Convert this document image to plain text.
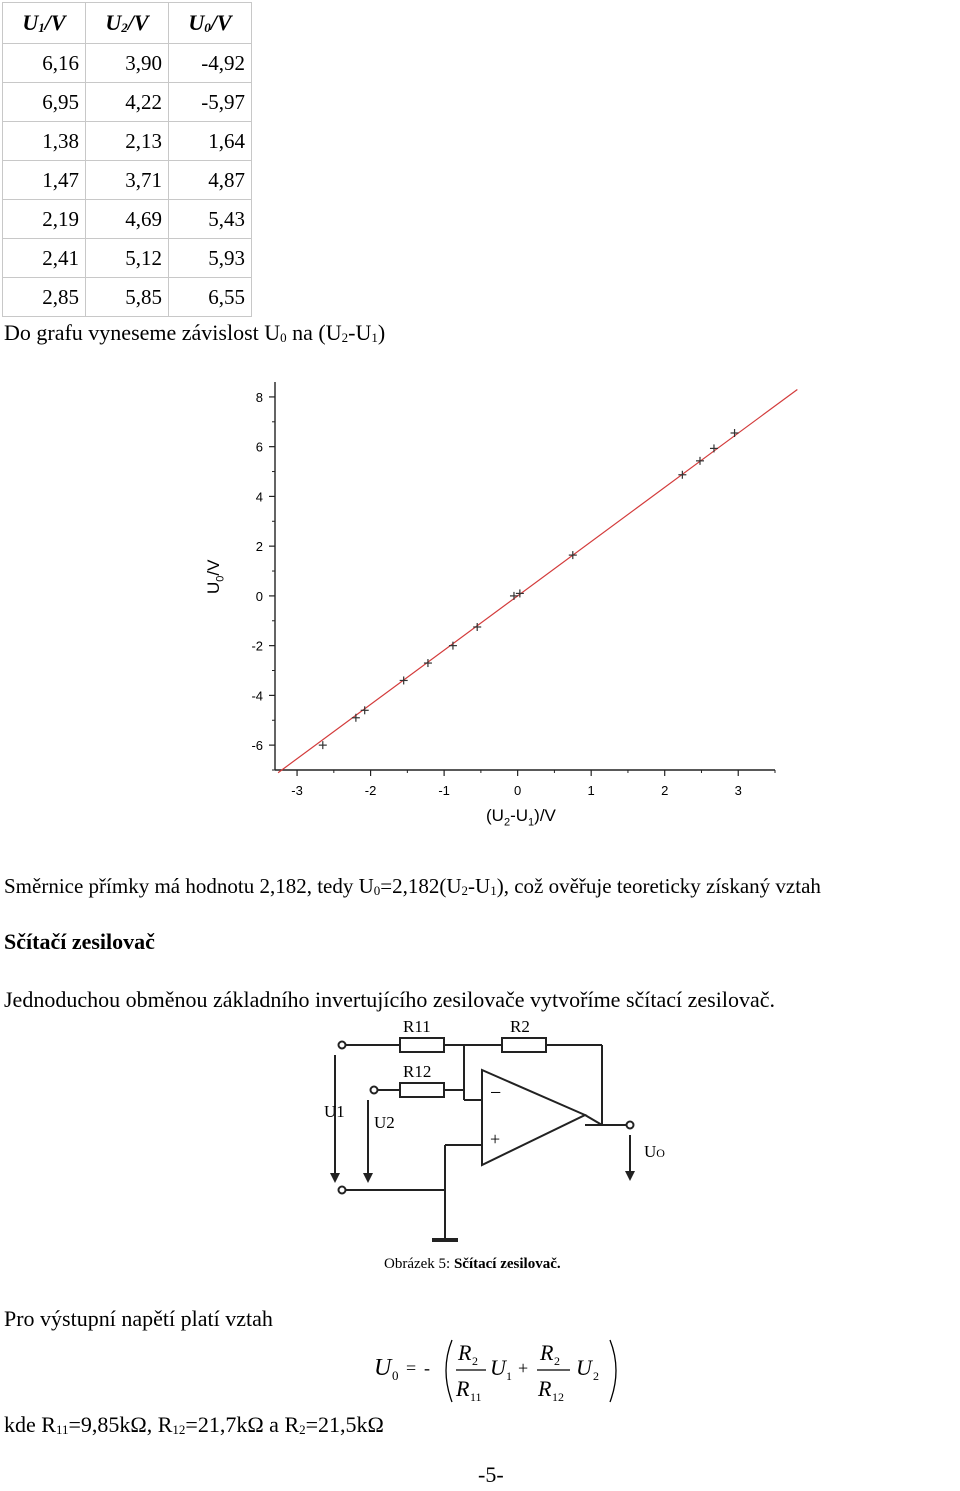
$U_1/V$	$U_2/V$	$U_0/V$
6,16	3,90	-4,92
6,95	4,22	-5,97
1,38	2,13	1,64
1,47	3,71	4,87
2,19	4,69	5,43
2,41	5,12	5,93
2,85	5,85	6,55
Do grafu vyneseme závislost $U_0$ na $(U_2-U_1)$
-3	-2	-1	0	1	2	3
8
6
4
2
0
-2
-4
-6
$(U_2-U_1)/V$
$U_0/V$
Směrnice přímky má hodnotu 2,182, tedy $U_0=2,182(U_2-U_1)$, což ověřuje teoreticky získaný vztah
Sčítačí zesilovač
Jednoduchou obměnou základního invertujícího zesilovače vytvoříme sčítací zesilovač.
R11	R2
R12
U1
U2
−
+
UO
Obrázek 5: Sčítací zesilovač.
Pro výstupní napětí platí vztah
U 0 = -
R 2
R 11
U 1 +
R 2
R 12
U 2
kde $R_{11}=9,85k\Omega$, $R_{12}=21,7k\Omega$ a $R_2=21,5k\Omega$
-5-
